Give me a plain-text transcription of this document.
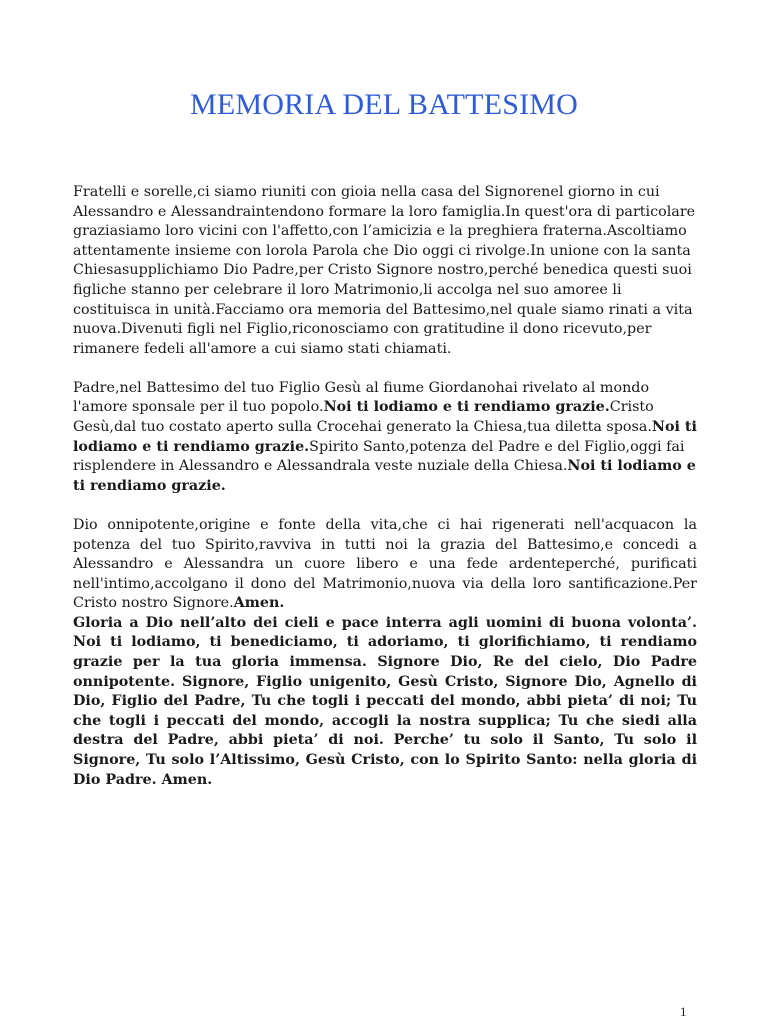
MEMORIA DEL BATTESIMO

Fratelli e sorelle,ci siamo riuniti con gioia nella casa del Signorenel giorno in cui Alessandro e Alessandraintendono formare la loro famiglia.In quest'ora di particolare graziasiamo loro vicini con l'affetto,con l’amicizia e la preghiera fraterna.Ascoltiamo attentamente insieme con lorola Parola che Dio oggi ci rivolge.In unione con la santa Chiesasupplichiamo Dio Padre,per Cristo Signore nostro,perché benedica questi suoi figliche stanno per celebrare il loro Matrimonio,li accolga nel suo amoree li costituisca in unità.Facciamo ora memoria del Battesimo,nel quale siamo rinati a vita nuova.Divenuti figli nel Figlio,riconosciamo con gratitudine il dono ricevuto,per rimanere fedeli all'amore a cui siamo stati chiamati.

Padre,nel Battesimo del tuo Figlio Gesù al fiume Giordanohai rivelato al mondo l'amore sponsale per il tuo popolo.Noi ti lodiamo e ti rendiamo grazie.Cristo Gesù,dal tuo costato aperto sulla Crocehai generato la Chiesa,tua diletta sposa.Noi ti lodiamo e ti rendiamo grazie.Spirito Santo,potenza del Padre e del Figlio,oggi fai risplendere in Alessandro e Alessandrala veste nuziale della Chiesa.Noi ti lodiamo e ti rendiamo grazie.

Dio onnipotente,origine e fonte della vita,che ci hai rigenerati nell'acquacon la potenza del tuo Spirito,ravviva in tutti noi la grazia del Battesimo,e concedi a Alessandro e Alessandra un cuore libero e una fede ardenteperché, purificati nell'intimo,accolgano il dono del Matrimonio,nuova via della loro santificazione.Per Cristo nostro Signore.Amen.
Gloria a Dio nell’alto dei cieli e pace interra agli uomini di buona volonta’. Noi ti lodiamo, ti benediciamo, ti adoriamo, ti glorifichiamo, ti rendiamo grazie per la tua gloria immensa. Signore Dio, Re del cielo, Dio Padre onnipotente. Signore, Figlio unigenito, Gesù Cristo, Signore Dio, Agnello di Dio, Figlio del Padre, Tu che togli i peccati del mondo, abbi pieta’ di noi; Tu che togli i peccati del mondo, accogli la nostra supplica; Tu che siedi alla destra del Padre, abbi pieta’ di noi. Perche’ tu solo il Santo, Tu solo il Signore, Tu solo l’Altissimo, Gesù Cristo, con lo Spirito Santo: nella gloria di Dio Padre. Amen.

1
